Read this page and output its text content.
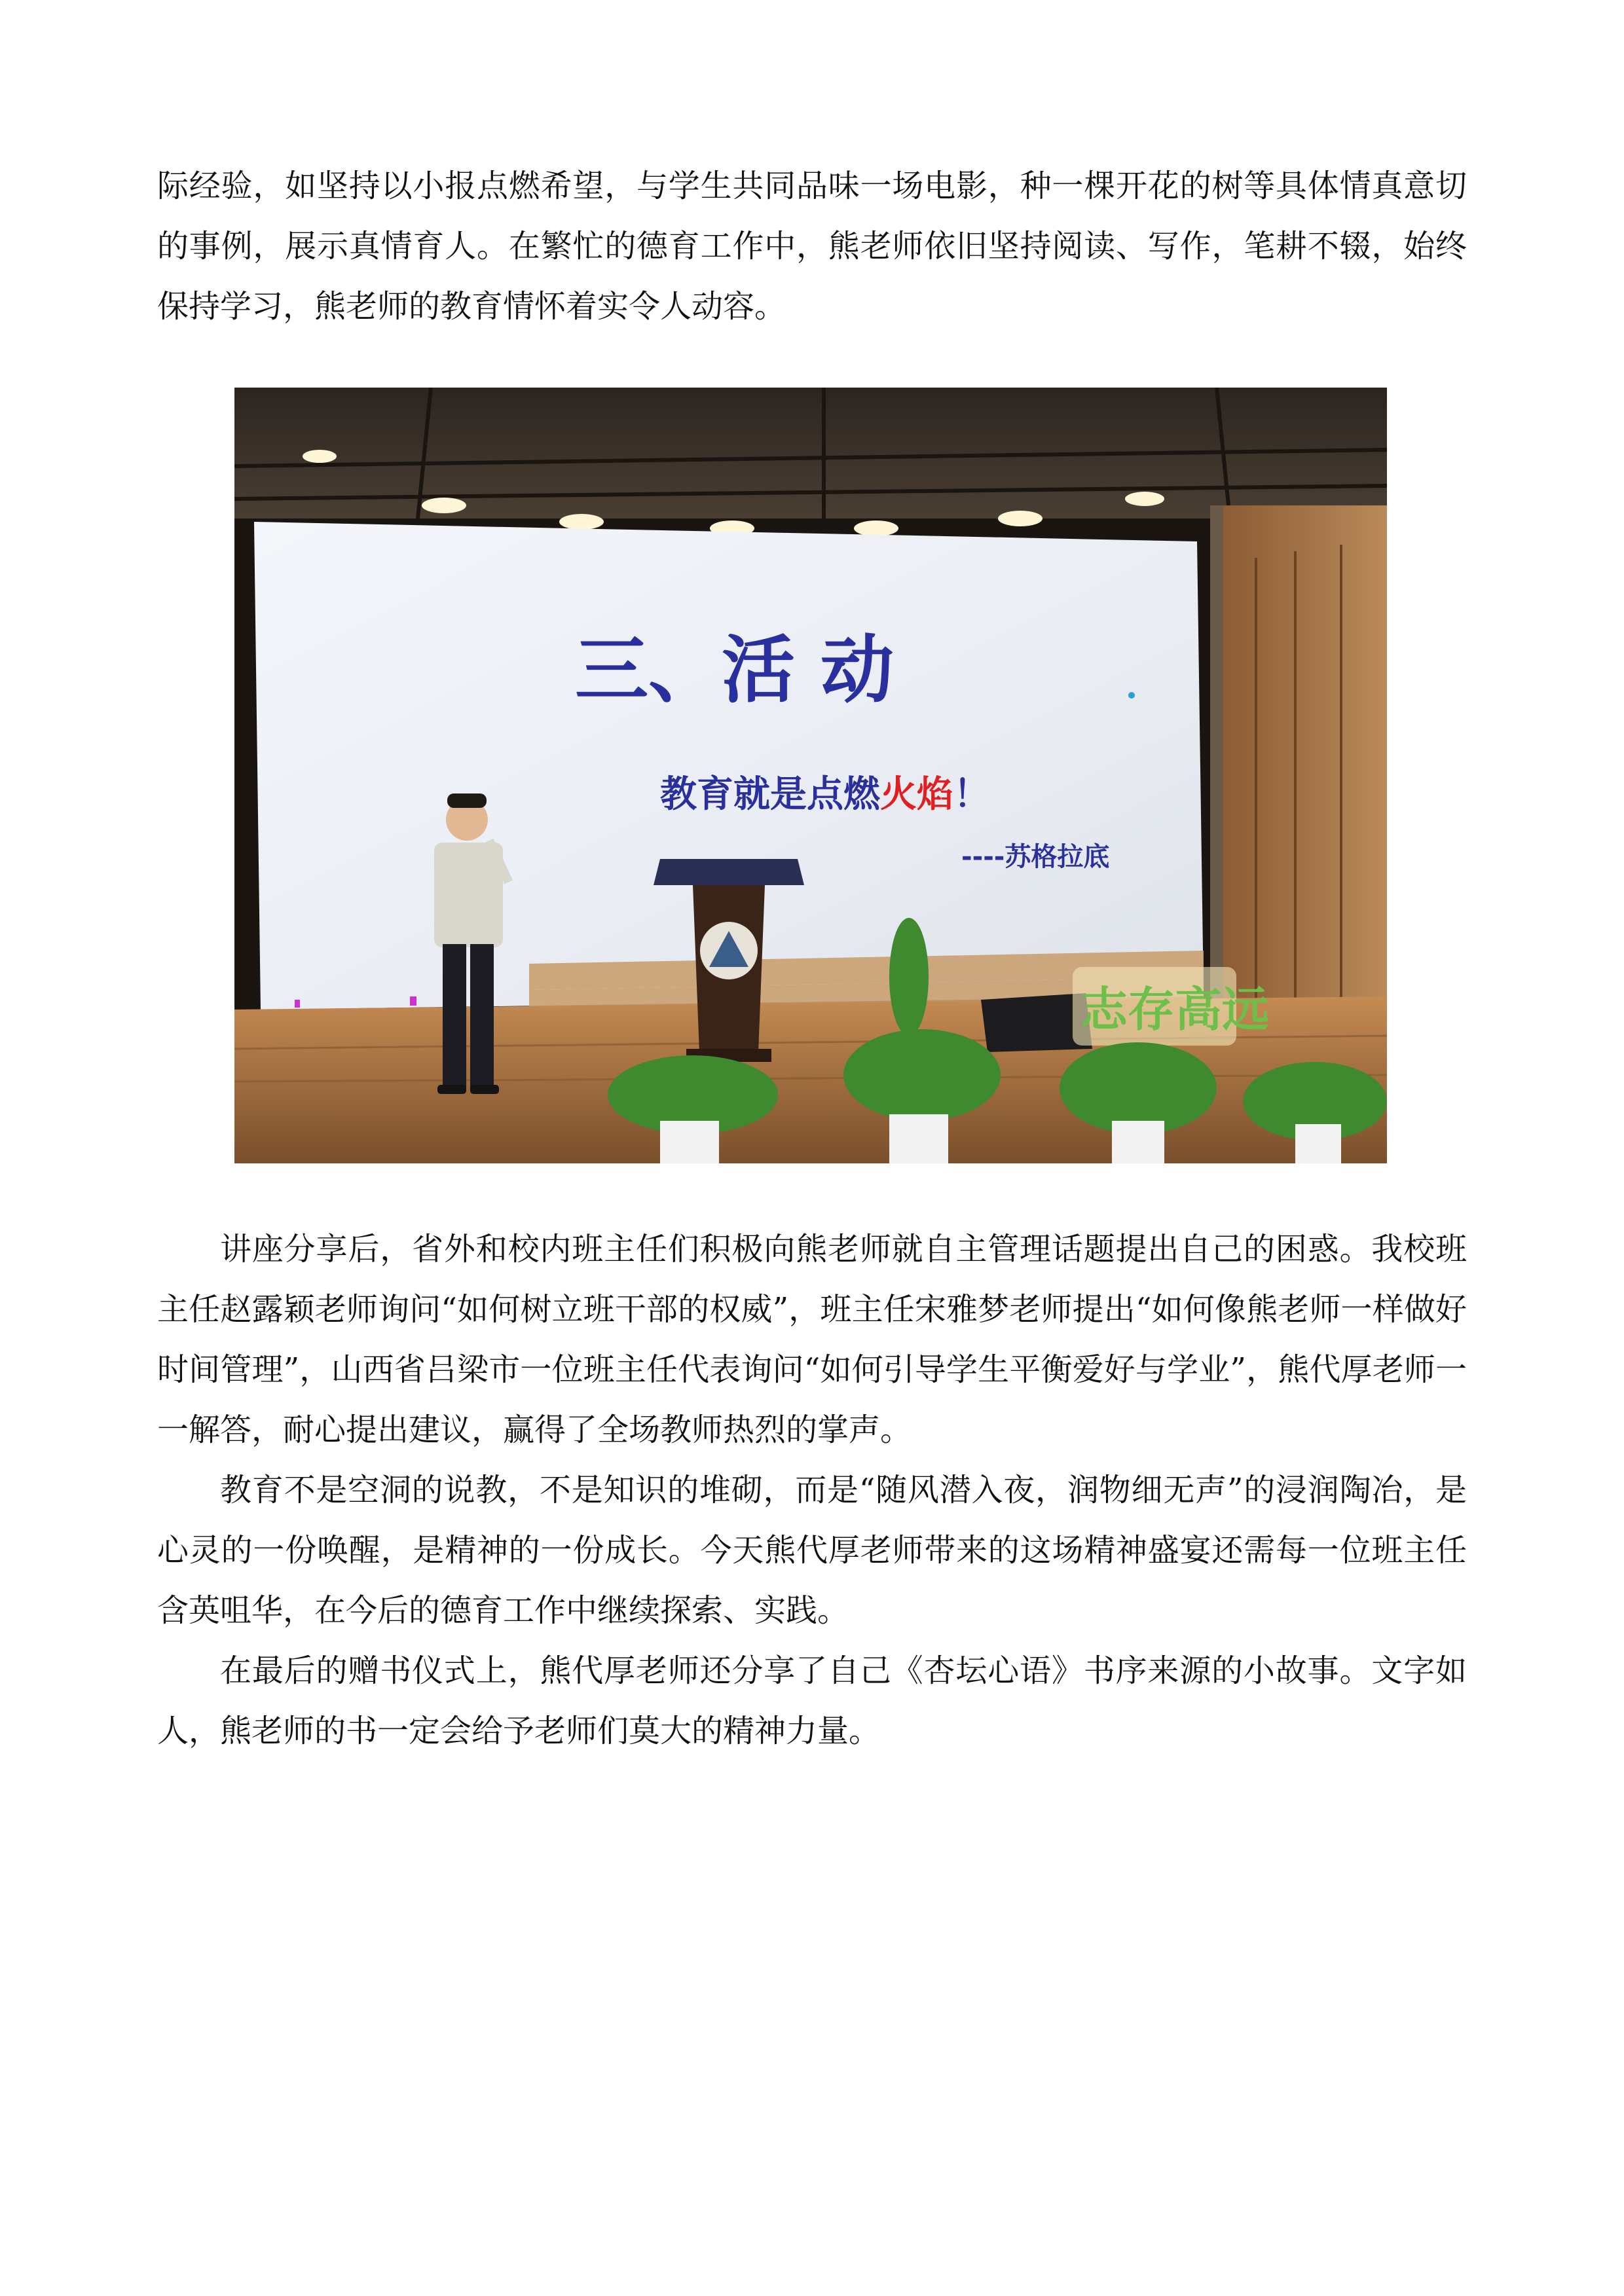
际经验，如坚持以小报点燃希望，与学生共同品味一场电影，种一棵开花的树等具体情真意切的事例，展示真情育人。在繁忙的德育工作中，熊老师依旧坚持阅读、写作，笔耕不辍，始终保持学习，熊老师的教育情怀着实令人动容。

三、活 动
教育就是点燃火焰！
----苏格拉底
志存高远

讲座分享后，省外和校内班主任们积极向熊老师就自主管理话题提出自己的困惑。我校班主任赵露颖老师询问“如何树立班干部的权威”，班主任宋雅梦老师提出“如何像熊老师一样做好时间管理”，山西省吕梁市一位班主任代表询问“如何引导学生平衡爱好与学业”，熊代厚老师一一解答，耐心提出建议，赢得了全场教师热烈的掌声。

教育不是空洞的说教，不是知识的堆砌，而是“随风潜入夜，润物细无声”的浸润陶冶，是心灵的一份唤醒，是精神的一份成长。今天熊代厚老师带来的这场精神盛宴还需每一位班主任含英咀华，在今后的德育工作中继续探索、实践。

在最后的赠书仪式上，熊代厚老师还分享了自己《杏坛心语》书序来源的小故事。文字如人，熊老师的书一定会给予老师们莫大的精神力量。
